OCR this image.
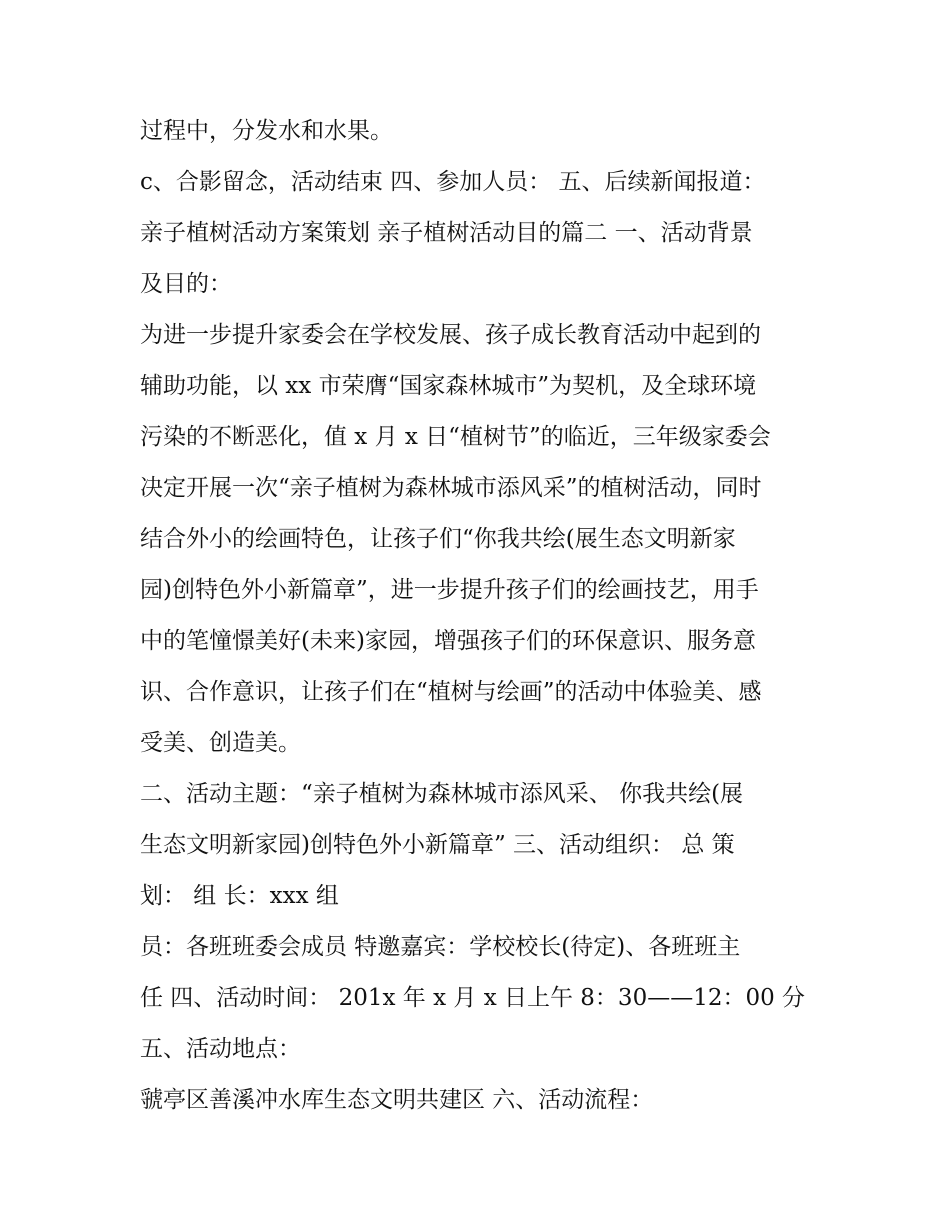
过程中，分发水和水果。
c、合影留念，活动结束 四、参加人员： 五、后续新闻报道：
亲子植树活动方案策划 亲子植树活动目的篇二 一、活动背景
及目的：
为进一步提升家委会在学校发展、孩子成长教育活动中起到的
辅助功能，以 xx 市荣膺“国家森林城市”为契机，及全球环境
污染的不断恶化，值 x 月 x 日“植树节”的临近，三年级家委会
决定开展一次“亲子植树为森林城市添风采”的植树活动，同时
结合外小的绘画特色，让孩子们“你我共绘(展生态文明新家
园)创特色外小新篇章”，进一步提升孩子们的绘画技艺，用手
中的笔憧憬美好(未来)家园，增强孩子们的环保意识、服务意
识、合作意识，让孩子们在“植树与绘画”的活动中体验美、感
受美、创造美。
二、活动主题：“亲子植树为森林城市添风采、 你我共绘(展
生态文明新家园)创特色外小新篇章” 三、活动组织： 总 策
划： 组 长：xxx 组
员：各班班委会成员 特邀嘉宾：学校校长(待定)、各班班主
任 四、活动时间： 201x 年 x 月 x 日上午 8：30——12：00 分
五、活动地点：
虢亭区善溪冲水库生态文明共建区 六、活动流程：
